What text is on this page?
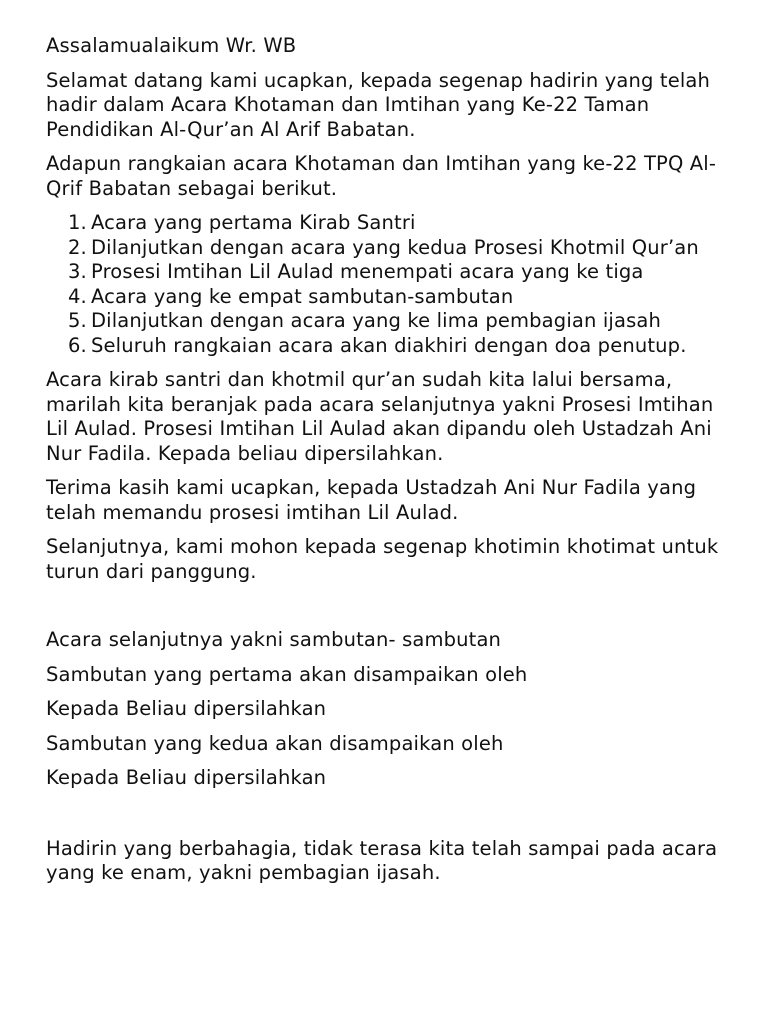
Assalamualaikum Wr. WB

Selamat datang kami ucapkan, kepada segenap hadirin yang telah hadir dalam Acara Khotaman dan Imtihan yang Ke-22 Taman Pendidikan Al-Qur’an Al Arif Babatan.

Adapun rangkaian acara Khotaman dan Imtihan yang ke-22 TPQ Al-Qrif Babatan sebagai berikut.

1. Acara yang pertama Kirab Santri
2. Dilanjutkan dengan acara yang kedua Prosesi Khotmil Qur’an
3. Prosesi Imtihan Lil Aulad menempati acara yang ke tiga
4. Acara yang ke empat sambutan-sambutan
5. Dilanjutkan dengan acara yang ke lima pembagian ijasah
6. Seluruh rangkaian acara akan diakhiri dengan doa penutup.

Acara kirab santri dan khotmil qur’an sudah kita lalui bersama, marilah kita beranjak pada acara selanjutnya yakni Prosesi Imtihan Lil Aulad. Prosesi Imtihan Lil Aulad akan dipandu oleh Ustadzah Ani Nur Fadila. Kepada beliau dipersilahkan.

Terima kasih kami ucapkan, kepada Ustadzah Ani Nur Fadila yang telah memandu prosesi imtihan Lil Aulad.

Selanjutnya, kami mohon kepada segenap khotimin khotimat untuk turun dari panggung.

Acara selanjutnya yakni sambutan- sambutan

Sambutan yang pertama akan disampaikan oleh

Kepada Beliau dipersilahkan

Sambutan yang kedua akan disampaikan oleh

Kepada Beliau dipersilahkan

Hadirin yang berbahagia, tidak terasa kita telah sampai pada acara yang ke enam, yakni pembagian ijasah.
